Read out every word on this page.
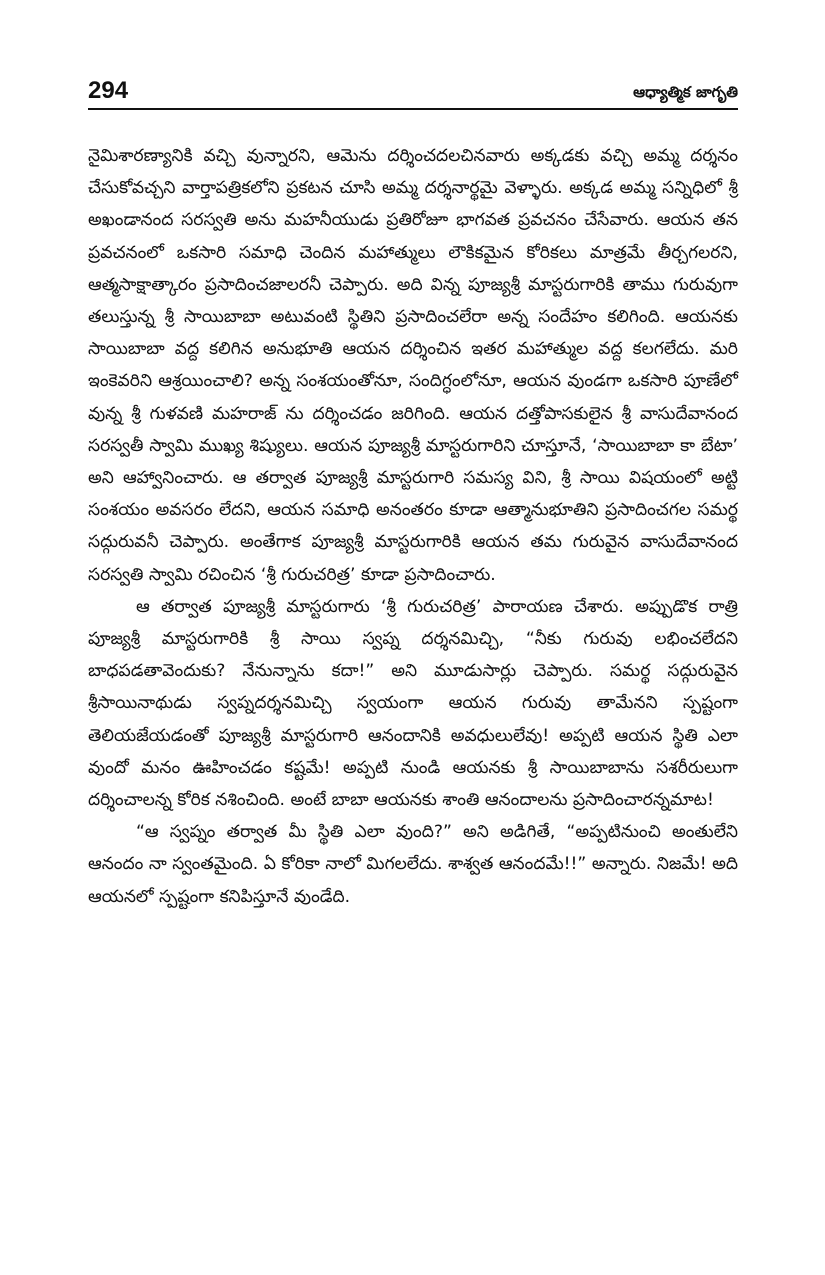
294	ఆధ్యాత్మిక జాగృతి

నైమిశారణ్యానికి వచ్చి వున్నారని, ఆమెను దర్శించదలచినవారు అక్కడకు వచ్చి అమ్మ దర్శనం చేసుకోవచ్చని వార్తాపత్రికలోని ప్రకటన చూసి అమ్మ దర్శనార్థమై వెళ్ళారు. అక్కడ అమ్మ సన్నిధిలో శ్రీ అఖండానంద సరస్వతి అను మహనీయుడు ప్రతిరోజూ భాగవత ప్రవచనం చేసేవారు. ఆయన తన ప్రవచనంలో ఒకసారి సమాధి చెందిన మహాత్ములు లౌకికమైన కోరికలు మాత్రమే తీర్చగలరని, ఆత్మసాక్షాత్కారం ప్రసాదించజాలరనీ చెప్పారు. అది విన్న పూజ్యశ్రీ మాస్టరుగారికి తాము గురువుగా తలుస్తున్న శ్రీ సాయిబాబా అటువంటి స్థితిని ప్రసాదించలేరా అన్న సందేహం కలిగింది. ఆయనకు సాయిబాబా వద్ద కలిగిన అనుభూతి ఆయన దర్శించిన ఇతర మహాత్ముల వద్ద కలగలేదు. మరి ఇంకెవరిని ఆశ్రయించాలి? అన్న సంశయంతోనూ, సందిగ్ధంలోనూ, ఆయన వుండగా ఒకసారి పూణేలో వున్న శ్రీ గుళవణి మహరాజ్ ను దర్శించడం జరిగింది. ఆయన దత్తోపాసకులైన శ్రీ వాసుదేవానంద సరస్వతీ స్వామి ముఖ్య శిష్యులు. ఆయన పూజ్యశ్రీ మాస్టరుగారిని చూస్తూనే, ‘సాయిబాబా కా బేటా’ అని ఆహ్వానించారు. ఆ తర్వాత పూజ్యశ్రీ మాస్టరుగారి సమస్య విని, శ్రీ సాయి విషయంలో అట్టి సంశయం అవసరం లేదని, ఆయన సమాధి అనంతరం కూడా ఆత్మానుభూతిని ప్రసాదించగల సమర్థ సద్గురువనీ చెప్పారు. అంతేగాక పూజ్యశ్రీ మాస్టరుగారికి ఆయన తమ గురువైన వాసుదేవానంద సరస్వతి స్వామి రచించిన ‘శ్రీ గురుచరిత్ర’ కూడా ప్రసాదించారు.

ఆ తర్వాత పూజ్యశ్రీ మాస్టరుగారు ‘శ్రీ గురుచరిత్ర’ పారాయణ చేశారు. అప్పుడొక రాత్రి పూజ్యశ్రీ మాస్టరుగారికి శ్రీ సాయి స్వప్న దర్శనమిచ్చి, “నీకు గురువు లభించలేదని బాధపడతావెందుకు? నేనున్నాను కదా!” అని మూడుసార్లు చెప్పారు. సమర్థ సద్గురువైన శ్రీసాయినాథుడు స్వప్నదర్శనమిచ్చి స్వయంగా ఆయన గురువు తామేనని స్పష్టంగా తెలియజేయడంతో పూజ్యశ్రీ మాస్టరుగారి ఆనందానికి అవధులులేవు! అప్పటి ఆయన స్థితి ఎలా వుందో మనం ఊహించడం కష్టమే! అప్పటి నుండి ఆయనకు శ్రీ సాయిబాబాను సశరీరులుగా దర్శించాలన్న కోరిక నశించింది. అంటే బాబా ఆయనకు శాంతి ఆనందాలను ప్రసాదించారన్నమాట!

“ఆ స్వప్నం తర్వాత మీ స్థితి ఎలా వుంది?” అని అడిగితే, “అప్పటినుంచి అంతులేని ఆనందం నా స్వంతమైంది. ఏ కోరికా నాలో మిగలలేదు. శాశ్వత ఆనందమే!!” అన్నారు. నిజమే! అది ఆయనలో స్పష్టంగా కనిపిస్తూనే వుండేది.
